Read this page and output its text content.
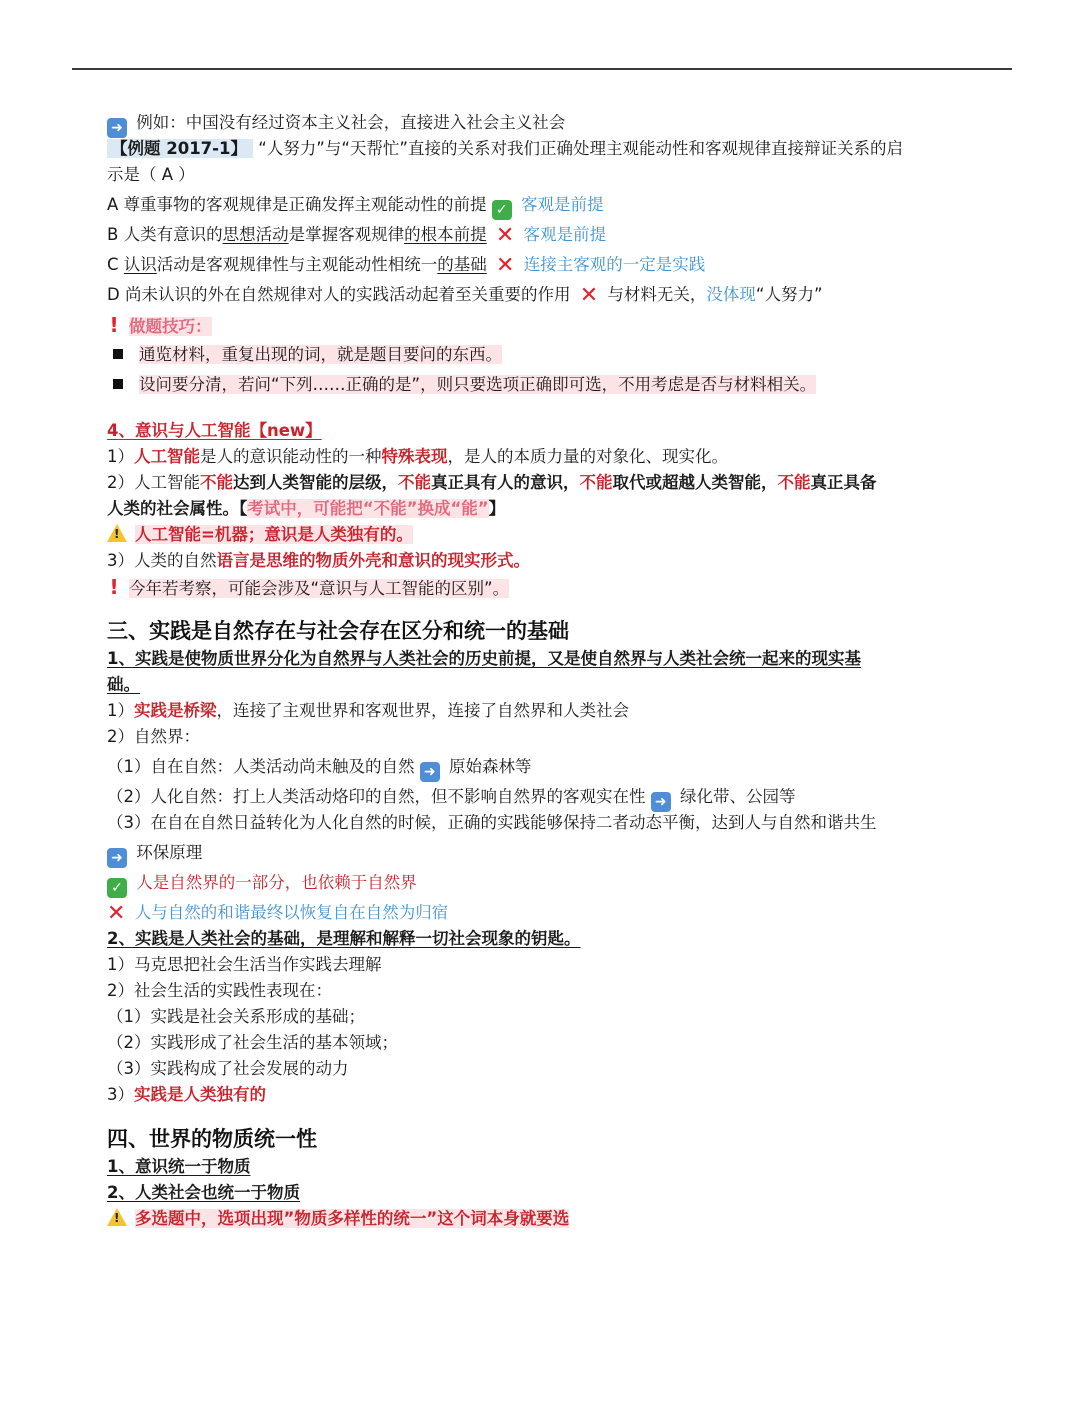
➜ 例如：中国没有经过资本主义社会，直接进入社会主义社会
【例题 2017-1】 “人努力”与“天帮忙”直接的关系对我们正确处理主观能动性和客观规律直接辩证关系的启
示是（ A ）
A 尊重事物的客观规律是正确发挥主观能动性的前提 ✓ 客观是前提
B 人类有意识的思想活动是掌握客观规律的根本前提 ✕ 客观是前提
C 认识活动是客观规律性与主观能动性相统一的基础 ✕ 连接主客观的一定是实践
D 尚未认识的外在自然规律对人的实践活动起着至关重要的作用 ✕ 与材料无关，没体现“人努力”
! 做题技巧：
通览材料，重复出现的词，就是题目要问的东西。
设问要分清，若问“下列……正确的是”，则只要选项正确即可选，不用考虑是否与材料相关。
4、意识与人工智能【new】
1）人工智能是人的意识能动性的一种特殊表现，是人的本质力量的对象化、现实化。
2）人工智能不能达到人类智能的层级，不能真正具有人的意识，不能取代或超越人类智能，不能真正具备
人类的社会属性。【考试中，可能把“不能”换成“能”】
!人工智能=机器；意识是人类独有的。
3）人类的自然语言是思维的物质外壳和意识的现实形式。
! 今年若考察，可能会涉及“意识与人工智能的区别”。
三、实践是自然存在与社会存在区分和统一的基础
1、实践是使物质世界分化为自然界与人类社会的历史前提，又是使自然界与人类社会统一起来的现实基
础。
1）实践是桥梁，连接了主观世界和客观世界，连接了自然界和人类社会
2）自然界：
（1）自在自然：人类活动尚未触及的自然 ➜ 原始森林等
（2）人化自然：打上人类活动烙印的自然，但不影响自然界的客观实在性 ➜ 绿化带、公园等
（3）在自在自然日益转化为人化自然的时候，正确的实践能够保持二者动态平衡，达到人与自然和谐共生
➜ 环保原理
✓ 人是自然界的一部分，也依赖于自然界
✕ 人与自然的和谐最终以恢复自在自然为归宿
2、实践是人类社会的基础，是理解和解释一切社会现象的钥匙。
1）马克思把社会生活当作实践去理解
2）社会生活的实践性表现在：
（1）实践是社会关系形成的基础；
（2）实践形成了社会生活的基本领域；
（3）实践构成了社会发展的动力
3）实践是人类独有的
四、世界的物质统一性
1、意识统一于物质
2、人类社会也统一于物质
!多选题中，选项出现”物质多样性的统一”这个词本身就要选
